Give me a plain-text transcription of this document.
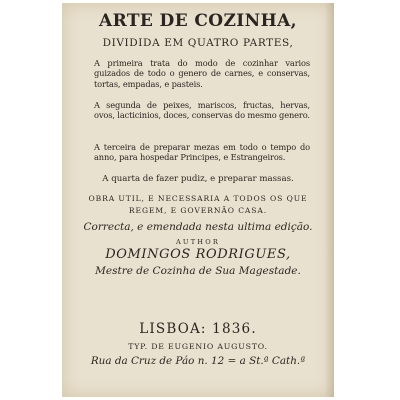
ARTE DE COZINHA,
DIVIDIDA EM QUATRO PARTES,
A primeira trata do modo de cozinhar varios guizados de todo o genero de carnes, e conservas, tortas, empadas, e pasteis.
A segunda de peixes, mariscos, fructas, hervas, ovos, lacticinios, doces, conservas do mesmo genero.
A terceira de preparar mezas em todo o tempo do anno, para hospedar Principes, e Estrangeiros.
A quarta de fazer pudiz, e preparar massas.
OBRA UTIL, E NECESSARIA A TODOS OS QUE
REGEM, E GOVERNÃO CASA.
Correcta, e emendada nesta ultima edição.
AUTHOR
DOMINGOS RODRIGUES,
Mestre de Cozinha de Sua Magestade.
LISBOA: 1836.
TYP. DE EUGENIO AUGUSTO.
Rua da Cruz de Páo n. 12 = a St.ª Cath.ª
